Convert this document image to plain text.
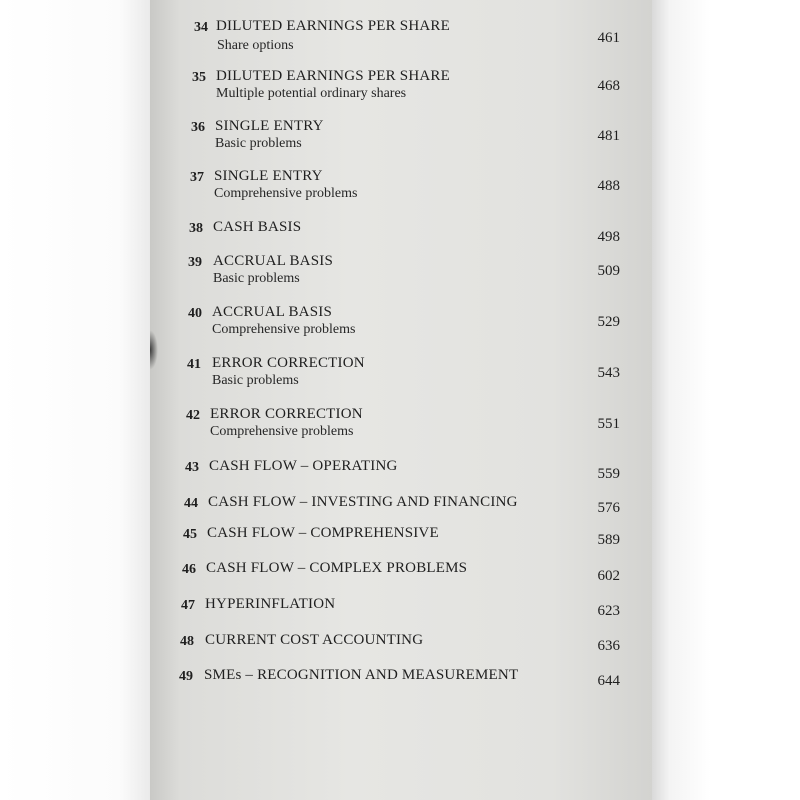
34 DILUTED EARNINGS PER SHARE
Share options	461
35 DILUTED EARNINGS PER SHARE
Multiple potential ordinary shares	468
36 SINGLE ENTRY
Basic problems	481
37 SINGLE ENTRY
Comprehensive problems	488
38 CASH BASIS
498
39 ACCRUAL BASIS
Basic problems	509
40 ACCRUAL BASIS
Comprehensive problems	529
41 ERROR CORRECTION
Basic problems	543
42 ERROR CORRECTION
Comprehensive problems	551
43 CASH FLOW – OPERATING	559
44 CASH FLOW – INVESTING AND FINANCING	576
45 CASH FLOW – COMPREHENSIVE	589
46 CASH FLOW – COMPLEX PROBLEMS	602
47 HYPERINFLATION	623
48 CURRENT COST ACCOUNTING	636
49 SMEs – RECOGNITION AND MEASUREMENT	644
